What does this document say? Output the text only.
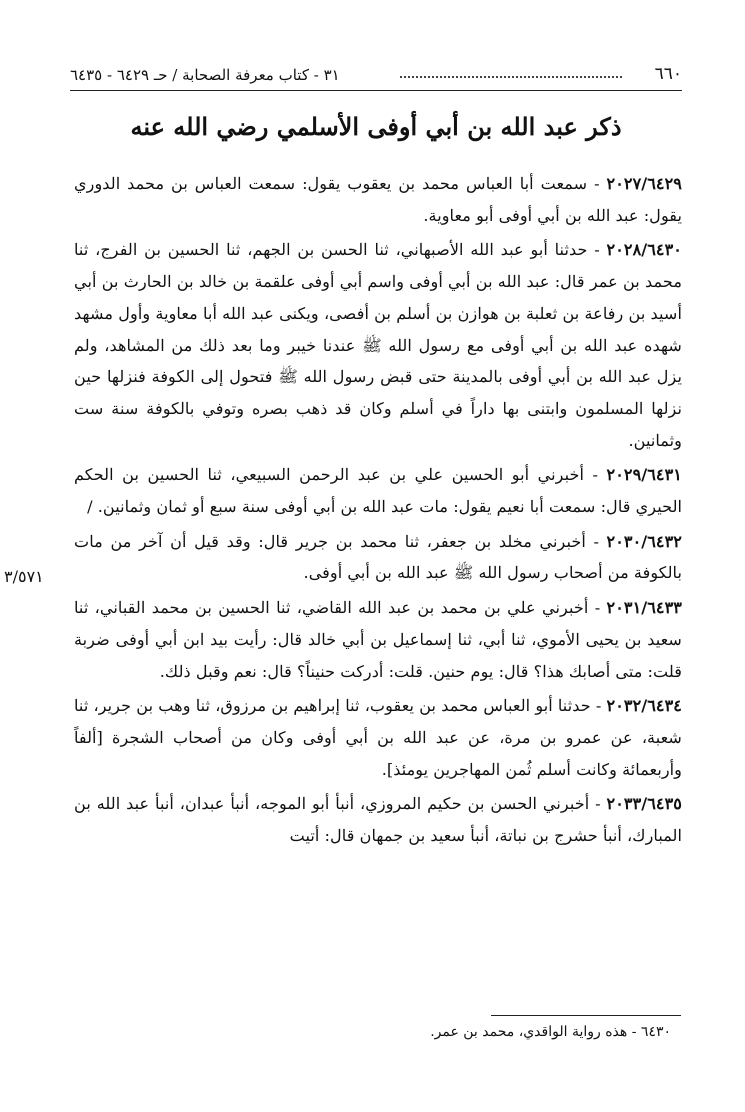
٦٦٠
٣١ - كتاب معرفة الصحابة / حـ ٦٤٢٩ - ٦٤٣٥
ذكر عبد الله بن أبي أوفى الأسلمي رضي الله عنه

٢٠٢٧/٦٤٢٩ - سمعت أبا العباس محمد بن يعقوب يقول: سمعت العباس بن محمد الدوري يقول: عبد الله بن أبي أوفى أبو معاوية.

٢٠٢٨/٦٤٣٠ - حدثنا أبو عبد الله الأصبهاني، ثنا الحسن بن الجهم، ثنا الحسين بن الفرج، ثنا محمد بن عمر قال: عبد الله بن أبي أوفى واسم أبي أوفى علقمة بن خالد بن الحارث بن أبي أسيد بن رفاعة بن ثعلبة بن هوازن بن أسلم بن أفصى، ويكنى عبد الله أبا معاوية وأول مشهد شهده عبد الله بن أبي أوفى مع رسول الله ﷺ عندنا خيبر وما بعد ذلك من المشاهد، ولم يزل عبد الله بن أبي أوفى بالمدينة حتى قبض رسول الله ﷺ فتحول إلى الكوفة فنزلها حين نزلها المسلمون وابتنى بها داراً في أسلم وكان قد ذهب بصره وتوفي بالكوفة سنة ست وثمانين.

٢٠٢٩/٦٤٣١ - أخبرني أبو الحسين علي بن عبد الرحمن السبيعي، ثنا الحسين بن الحكم الحيري قال: سمعت أبا نعيم يقول: مات عبد الله بن أبي أوفى سنة سبع أو ثمان وثمانين. /

٢٠٣٠/٦٤٣٢ - أخبرني مخلد بن جعفر، ثنا محمد بن جرير قال: وقد قيل أن آخر من مات بالكوفة من أصحاب رسول الله ﷺ عبد الله بن أبي أوفى.

٢٠٣١/٦٤٣٣ - أخبرني علي بن محمد بن عبد الله القاضي، ثنا الحسين بن محمد القباني، ثنا سعيد بن يحيى الأموي، ثنا أبي، ثنا إسماعيل بن أبي خالد قال: رأيت بيد ابن أبي أوفى ضربة قلت: متى أصابك هذا؟ قال: يوم حنين. قلت: أدركت حنيناً؟ قال: نعم وقبل ذلك.

٢٠٣٢/٦٤٣٤ - حدثنا أبو العباس محمد بن يعقوب، ثنا إبراهيم بن مرزوق، ثنا وهب بن جرير، ثنا شعبة، عن عمرو بن مرة، عن عبد الله بن أبي أوفى وكان من أصحاب الشجرة [ألفاً وأربعمائة وكانت أسلم ثُمن المهاجرين يومئذ].

٢٠٣٣/٦٤٣٥ - أخبرني الحسن بن حكيم المروزي، أنبأ أبو الموجه، أنبأ عبدان، أنبأ عبد الله بن المبارك، أنبأ حشرج بن نباتة، أنبأ سعيد بن جمهان قال: أتيت

٣/٥٧١
٦٤٣٠ - هذه رواية الواقدي، محمد بن عمر.
